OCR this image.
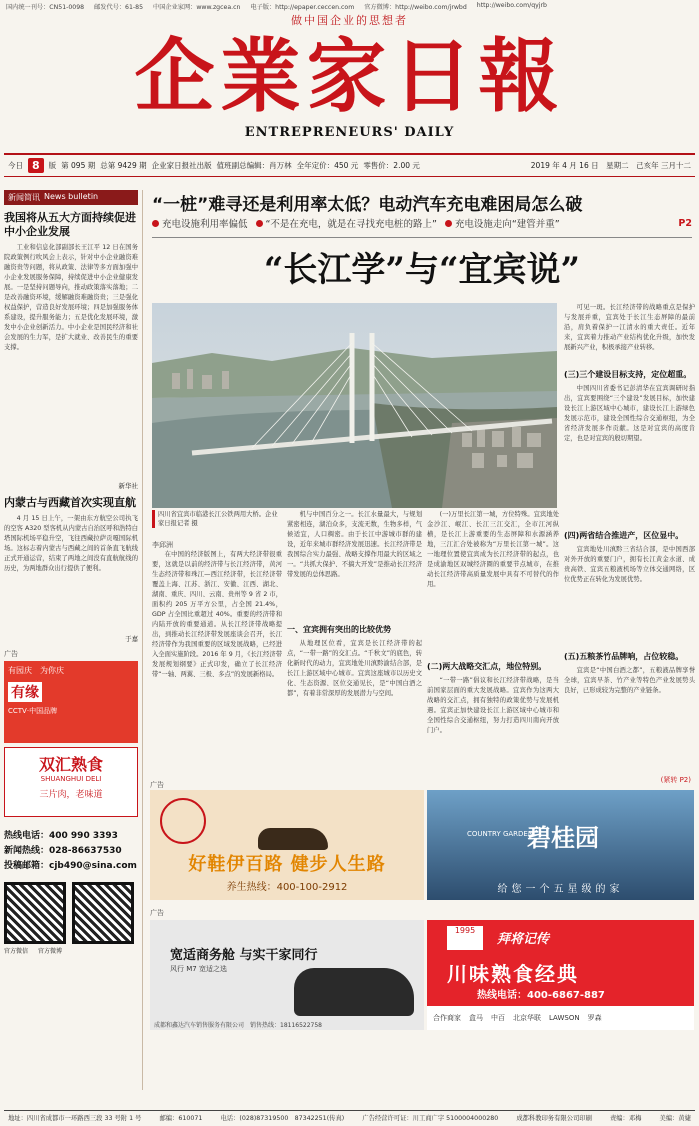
国内统一刊号：CN51-0098 邮发代号：61-85 中国企业家网：www.zgcea.cn 电子版：http://epaper.ceccen.com 官方微博：http://weibo.com/jrwbd http://weibo.com/qyjrb
做中国企业的思想者
企業家日報
ENTREPRENEURS' DAILY
今日 8	版 第 095 期 总第 9429 期 企业家日报社出版 值班副总编辑：肖万林 全年定价：450 元 零售价：2.00 元	2019 年 4 月 16 日　星期二　己亥年 三月十二
新闻简讯 News bulletin
我国将从五大方面持续促进中小企业发展
工业和信息化部副部长王江平 12 日在国务院政策例行吹风会上表示，针对中小企业融资难融资贵等问题，将从政策、法律等多方面加强中小企业发展服务保障，持续促进中小企业健康发展。一是坚持问题导向，推动政策落实落地；二是改善融资环境，缓解融资难融资贵；三是强化权益保护，营造良好发展环境；四是加强服务体系建设，提升服务能力；五是优化发展环境，激发中小企业创新活力。中小企业是国民经济和社会发展的生力军，是扩大就业、改善民生的重要支撑。
新华社
内蒙古与西藏首次实现直航
4 月 15 日上午，一架由东方航空公司执飞的空客 A320 型客机从内蒙古自治区呼和浩特白塔国际机场平稳升空，飞往西藏拉萨贡嘎国际机场。这标志着内蒙古与西藏之间的首条直飞航线正式开通运营，结束了两地之间没有直航航线的历史，为两地群众出行提供了便利。
于嘉
广告
有园庆　为你庆
有缘
CCTV·中国品牌
双汇熟食
SHUANGHUI DELI
三片肉，老味道
热线电话：400 990 3393
新闻热线：028-86637530
投稿邮箱：cjb490@sina.com
官方微信 官方微博
“一桩”难寻还是利用率太低？电动汽车充电难困局怎么破
充电设施利用率偏低 “不是在充电，就是在寻找充电桩的路上” 充电设施走向“建管并重”	P2
“长江学”与“宜宾说”
四川省宜宾市临港长江公铁两用大桥。企业家日报记者 摄
李邱洲
在中国的经济版图上，有两大经济带很重要，这就是以前的经济带与长江经济带，黄河生态经济带和珠江—西江经济带，长江经济带覆盖上海、江苏、浙江、安徽、江西、湖北、湖南、重庆、四川、云南、贵州等 9 省 2 市，面积约 205 万平方公里，占全国 21.4%，GDP 占全国比重超过 40%。重要的经济带和内陆开放的重要通道。从长江经济带战略提出，到推动长江经济带发展座谈会召开，长江经济带作为我国重要的区域发展战略，已经进入全面实施阶段。2016 年 9 月，《长江经济带发展规划纲要》正式印发，确立了长江经济带“一轴、两翼、三极、多点”的发展新格局。
机与中国百分之一。长江水量最大，与规划紧密相连，湖泊众多，支流无数，生物多样，气候适宜，人口稠密。由于长江中游城市群的建设，近年来城市群经济发展迅速。长江经济带是我国综合实力最强、战略支撑作用最大的区域之一。“共抓大保护、不搞大开发”是推动长江经济带发展的总体思路。
一、宜宾拥有突出的比较优势
从地理区位看，宜宾是长江经济带的起点，“一带一路”的交汇点。“千秋文”的底色，转化新时代的动力，宜宾地处川滇黔渝结合部，是长江上游区域中心城市。宜宾这座城市以历史文化、生态资源、区位交通见长，是“中国白酒之都”，有着非常深厚的发展潜力与空间。
(一)万里长江第一城，方位特殊。宜宾地处金沙江、岷江、长江三江交汇，全市江河纵横，是长江上游重要的生态屏障和水源涵养地，三江汇合处被称为“万里长江第一城”。这一地理位置使宜宾成为长江经济带的起点，也是成渝地区双城经济圈的重要节点城市，在推动长江经济带高质量发展中具有不可替代的作用。
(二)两大战略交汇点，地位特别。
“一带一路”倡议和长江经济带战略，是当前国家层面的重大发展战略。宜宾作为这两大战略的交汇点，拥有独特的政策优势与发展机遇。宜宾正加快建设长江上游区域中心城市和全国性综合交通枢纽，努力打造四川南向开放门户。
可见一斑。长江经济带的战略重点是保护与发展并重，宜宾处于长江生态屏障的最前沿，肩负着保护一江清水的重大责任。近年来，宜宾着力推动产业结构优化升级，加快发展新兴产业，积极承接产业转移。
(三)三个建设目标支持，定位超重。
中国四川省委书记彭清华在宜宾调研时指出，宜宾要围绕“三个建设”发展目标，加快建设长江上游区域中心城市，建设长江上游绿色发展示范市，建设全国性综合交通枢纽，为全省经济发展多作贡献。这是对宜宾的高度肯定，也是对宜宾的殷切期望。
(四)两省结合推进产，区位显中。
宜宾地处川滇黔三省结合部，是中国西部对外开放的重要门户，拥有长江黄金水道、成贵高铁、宜宾五粮液机场等立体交通网络，区位优势正在转化为发展优势。
(五)五粮茶竹品牌响，占位较稳。
宜宾是“中国白酒之都”，五粮液品牌享誉全球，宜宾早茶、竹产业等特色产业发展势头良好，已形成较为完整的产业链条。
(紧转 P2)
广告
好鞋伊百路 健步人生路
养生热线：400-100-2912
COUNTRY GARDEN
碧桂园
给您一个五星级的家
广告
宽适商务舱 与实干家同行
风行 M7 宽适之选
成都和鑫达汽车销售服务有限公司　销售热线：18116522758
1995
拜将记传
川味熟食经典
热线电话：400-6867-887
合作商家 盒马 中百 北京华联 LAWSON 罗森
地址：四川省成都市一环路西三段 33 号附 1 号	邮编：610071	电话：(028)87319500　87342251(传真)	广告经营许可证：川工商广字 5100004000280	成都科教印务有限公司印刷	责编：邓梅	美编：黄婕
